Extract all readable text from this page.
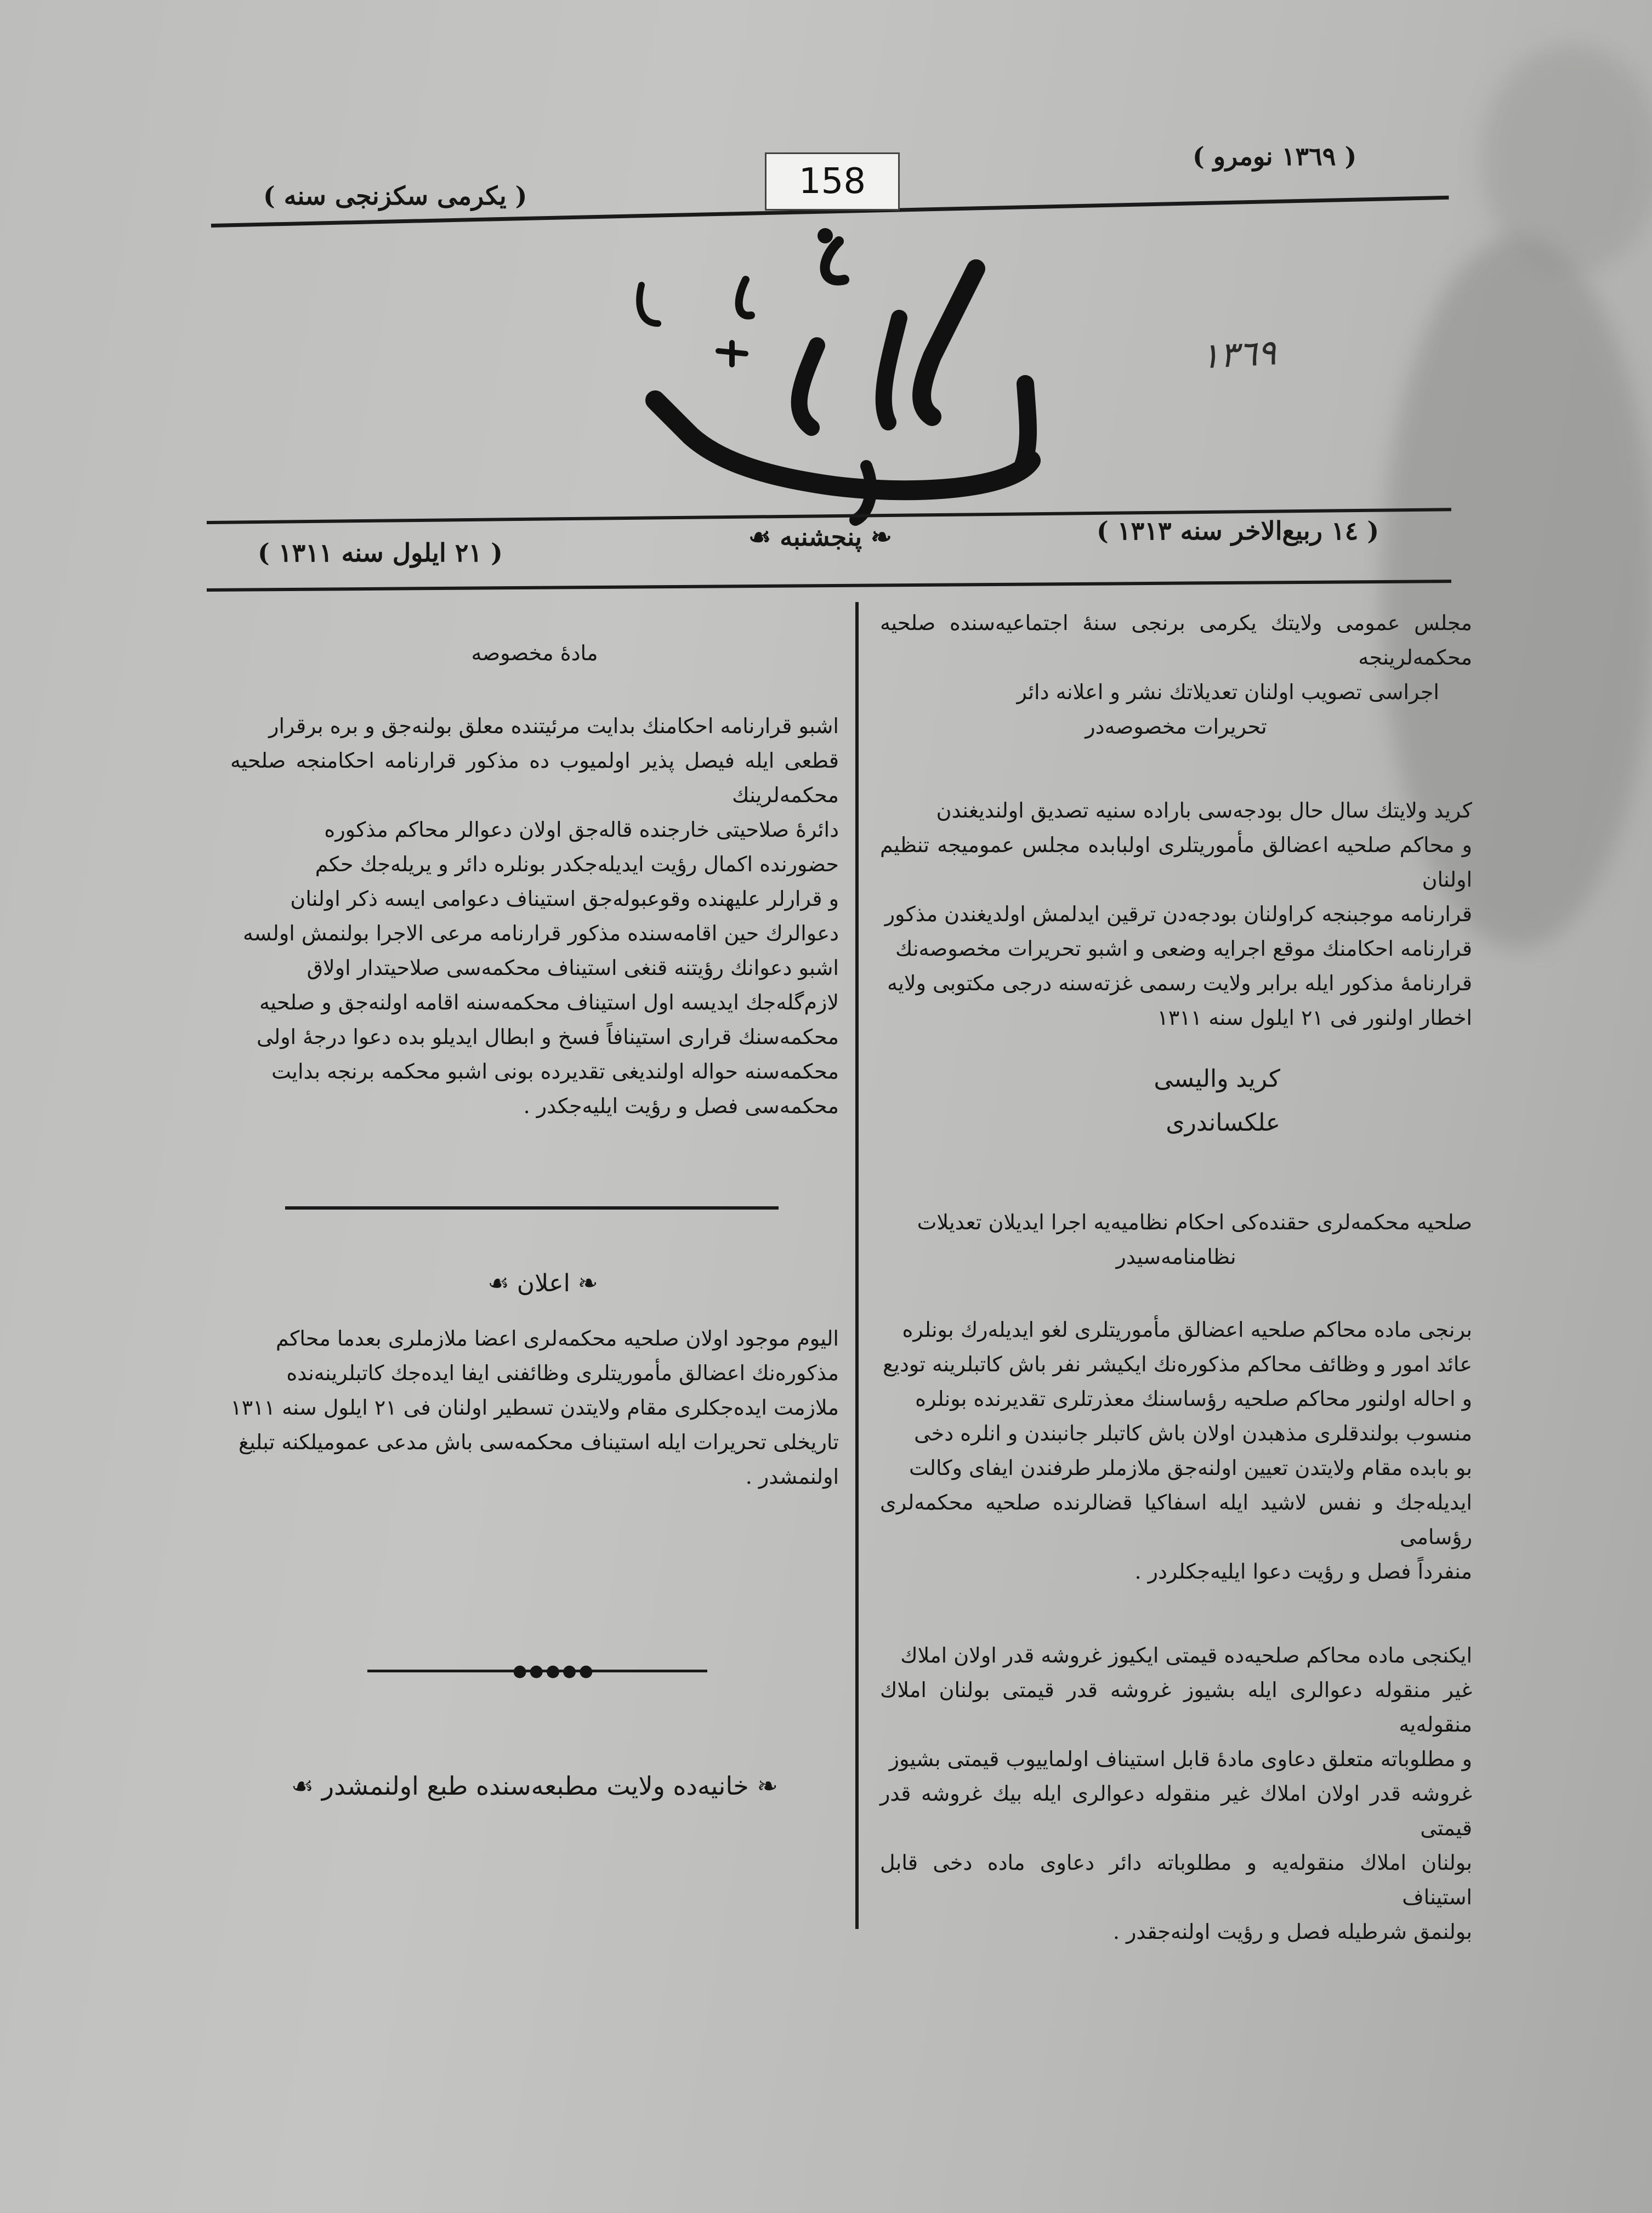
( ۱٣٦٩ نومرو )
( یکرمی سکزنجی سنه )	158
۱٣٦٩
( ۱٤ ربیع‌الاخر سنه ۱٣۱٣ )
❧ پنجشنبه ☙
( ۲۱ ایلول سنه ۱٣۱۱ )

مجلس عمومی ولایتك یکرمی برنجی سنهٔ اجتماعیه‌سنده صلحیه محکمه‌لرینجه

اجراسی تصویب اولنان تعدیلاتك نشر و اعلانه دائر

تحریرات مخصوصه‌در

کرید ولایتك سال حال بودجه‌سی باراده سنیه تصدیق اولندیغندن

و محاکم صلحیه اعضالق مأموریتلری اولبابده مجلس عمومیجه تنظیم اولنان

قرارنامه موجبنجه کراولنان بودجه‌دن ترقین ایدلمش اولدیغندن مذکور

قرارنامه احکامنك موقع اجرایه وضعی و اشبو تحریرات مخصوصه‌نك

قرارنامهٔ مذکور ایله برابر ولایت رسمی غزته‌سنه درجی مکتوبی ولایه

اخطار اولنور فی ۲۱ ایلول سنه ۱٣۱۱

کرید والیسی

علکساندری

صلحیه محکمه‌لری حقنده‌کی احکام نظامیه‌یه اجرا ایدیلان تعدیلات

نظامنامه‌سیدر

برنجی ماده محاکم صلحیه اعضالق مأموریتلری لغو ایدیله‌رك بونلره

عائد امور و وظائف محاکم مذکوره‌نك ایکیشر نفر باش کاتبلرینه تودیع

و احاله اولنور محاکم صلحیه رؤساسنك معذرتلری تقدیرنده بونلره

منسوب بولندقلری مذهبدن اولان باش کاتبلر جانبندن و انلره دخی

بو بابده مقام ولایتدن تعیین اولنه‌جق ملازملر طرفندن ایفای وکالت

ایدیله‌جك و نفس لاشید ایله اسفاکیا قضالرنده صلحیه محکمه‌لری رؤسامی

منفرداً فصل و رؤیت دعوا ایلیه‌جکلردر .

ایکنجی ماده محاکم صلحیه‌ده قیمتی ایکیوز غروشه قدر اولان املاك

غیر منقوله دعوالری ایله بشیوز غروشه قدر قیمتی بولنان املاك منقوله‌یه

و مطلوباته متعلق دعاوی مادهٔ قابل استیناف اولماییوب قیمتی بشیوز

غروشه قدر اولان املاك غیر منقوله دعوالری ایله بیك غروشه قدر قیمتی

بولنان املاك منقوله‌یه و مطلوباته دائر دعاوی ماده دخی قابل استیناف

بولنمق شرطیله فصل و رؤیت اولنه‌جقدر .

مادهٔ مخصوصه

اشبو قرارنامه احکامنك بدایت مرئیتنده معلق بولنه‌جق و بره برقرار

قطعی ایله فیصل پذیر اولمیوب ده مذکور قرارنامه احکامنجه صلحیه محکمه‌لرینك

دائرهٔ صلاحیتی خارجنده قاله‌جق اولان دعوالر محاکم مذکوره

حضورنده اکمال رؤیت ایدیله‌جکدر بونلره دائر و یریله‌جك حکم

و قرارلر علیهنده وقوعبوله‌جق استیناف دعوامی ایسه ذکر اولنان

دعوالرك حین اقامه‌سنده مذکور قرارنامه مرعی الاجرا بولنمش اولسه

اشبو دعوانك رؤیتنه قنغی استیناف محکمه‌سی صلاحیتدار اولاق

لازم‌گله‌جك ایدیسه اول استیناف محکمه‌سنه اقامه اولنه‌جق و صلحیه

محکمه‌سنك قراری استینافاً فسخ و ابطال ایدیلو بده دعوا درجهٔ اولی

محکمه‌سنه حواله اولندیغی تقدیرده بونی اشبو محکمه برنجه بدایت

محکمه‌سی فصل و رؤیت ایلیه‌جکدر .

❧ اعلان ☙

الیوم موجود اولان صلحیه محکمه‌لری اعضا ملازملری بعدما محاکم

مذکوره‌نك اعضالق مأموریتلری وظائفنی ایفا ایده‌جك کاتبلرینه‌نده

ملازمت ایده‌جکلری مقام ولایتدن تسطیر اولنان فی ۲۱ ایلول سنه ۱٣۱۱

تاریخلی تحریرات ایله استیناف محکمه‌سی باش مدعی عمومیلکنه تبلیغ

اولنمشدر .

●●●●●
❧ خانیه‌ده ولایت مطبعه‌سنده طبع اولنمشدر ☙
